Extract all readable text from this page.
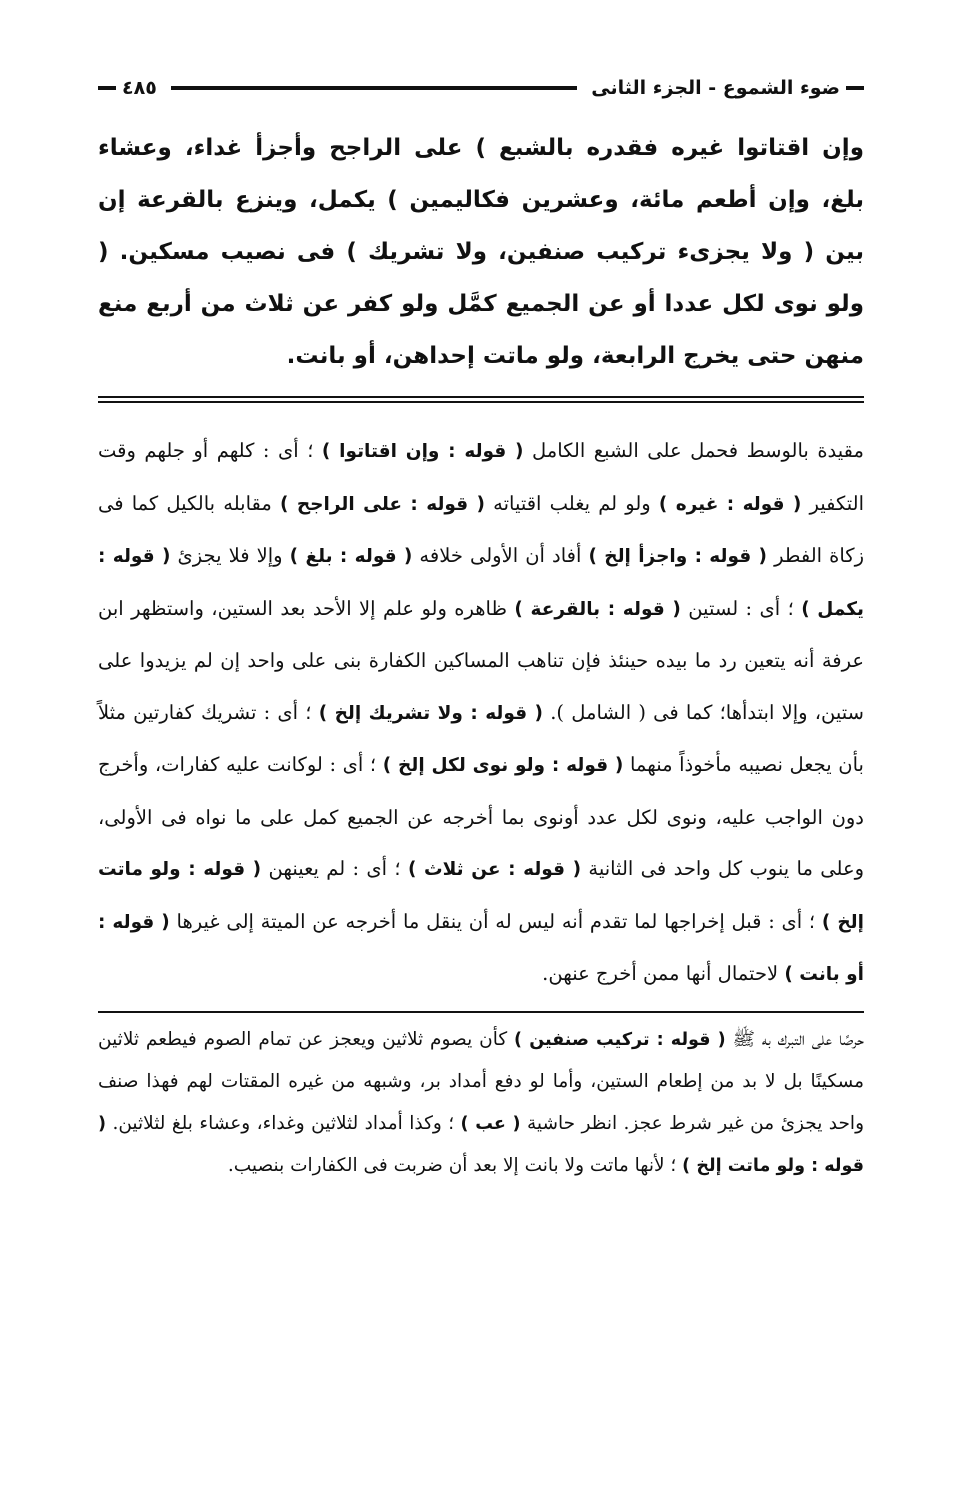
ضوء الشموع - الجزء الثانى
٤٨٥

وإن اقتاتوا غيره فقدره بالشبع ) على الراجح وأجزأ غداء، وعشاء بلغ، وإن أطعم مائة، وعشرين فكاليمين ) يكمل، وينزع بالقرعة إن بين ( ولا يجزىء تركيب صنفين، ولا تشريك ) فى نصيب مسكين. ( ولو نوى لكل عددا أو عن الجميع كمَّل ولو كفر عن ثلاث من أربع منع منهن حتى يخرج الرابعة، ولو ماتت إحداهن، أو بانت.

مقيدة بالوسط فحمل على الشبع الكامل ( قوله : وإن اقتاتوا ) ؛ أى : كلهم أو جلهم وقت التكفير ( قوله : غيره ) ولو لم يغلب اقتياته ( قوله : على الراجح ) مقابله بالكيل كما فى زكاة الفطر ( قوله : واجزأ إلخ ) أفاد أن الأولى خلافه ( قوله : بلغ ) وإلا فلا يجزئ ( قوله : يكمل ) ؛ أى : لستين ( قوله : بالقرعة ) ظاهره ولو علم إلا الأحد بعد الستين، واستظهر ابن عرفة أنه يتعين رد ما بيده حينئذ فإن تناهب المساكين الكفارة بنى على واحد إن لم يزيدوا على ستين، وإلا ابتدأها؛ كما فى ( الشامل ). ( قوله : ولا تشريك إلخ ) ؛ أى : تشريك كفارتين مثلاً بأن يجعل نصيبه مأخوذاً منهما ( قوله : ولو نوى لكل إلخ ) ؛ أى : لوكانت عليه كفارات، وأخرج دون الواجب عليه، ونوى لكل عدد أونوى بما أخرجه عن الجميع كمل على ما نواه فى الأولى، وعلى ما ينوب كل واحد فى الثانية ( قوله : عن ثلاث ) ؛ أى : لم يعينهن ( قوله : ولو ماتت إلخ ) ؛ أى : قبل إخراجها لما تقدم أنه ليس له أن ينقل ما أخرجه عن الميتة إلى غيرها ( قوله : أو بانت ) لاحتمال أنها ممن أخرج عنهن.

حرصًا على التبرك به ﷺ ( قوله : تركيب صنفين ) كأن يصوم ثلاثين ويعجز عن تمام الصوم فيطعم ثلاثين مسكينًا بل لا بد من إطعام الستين، وأما لو دفع أمداد بر، وشبهه من غيره المقتات لهم فهذا صنف واحد يجزئ من غير شرط عجز. انظر حاشية ( عب ) ؛ وكذا أمداد لثلاثين وغداء، وعشاء بلغ لثلاثين. ( قوله : ولو ماتت إلخ ) ؛ لأنها ماتت ولا بانت إلا بعد أن ضربت فى الكفارات بنصيب.
